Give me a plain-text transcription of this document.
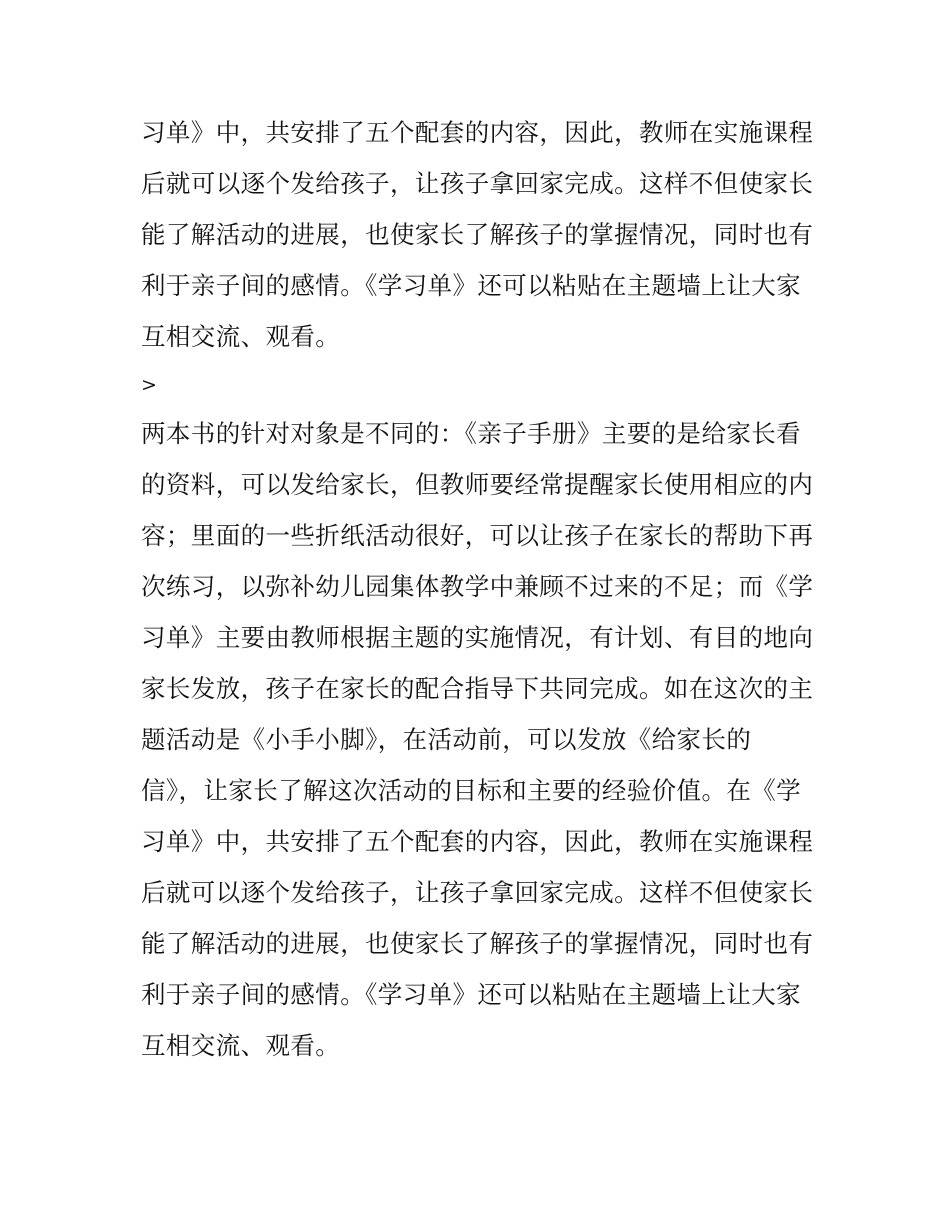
习单》中，共安排了五个配套的内容，因此，教师在实施课程
后就可以逐个发给孩子，让孩子拿回家完成。这样不但使家长
能了解活动的进展，也使家长了解孩子的掌握情况，同时也有
利于亲子间的感情。《学习单》还可以粘贴在主题墙上让大家
互相交流、观看。
>
两本书的针对对象是不同的：《亲子手册》主要的是给家长看
的资料，可以发给家长，但教师要经常提醒家长使用相应的内
容；里面的一些折纸活动很好，可以让孩子在家长的帮助下再
次练习，以弥补幼儿园集体教学中兼顾不过来的不足；而《学
习单》主要由教师根据主题的实施情况，有计划、有目的地向
家长发放，孩子在家长的配合指导下共同完成。如在这次的主
题活动是《小手小脚》，在活动前，可以发放《给家长的
信》，让家长了解这次活动的目标和主要的经验价值。在《学
习单》中，共安排了五个配套的内容，因此，教师在实施课程
后就可以逐个发给孩子，让孩子拿回家完成。这样不但使家长
能了解活动的进展，也使家长了解孩子的掌握情况，同时也有
利于亲子间的感情。《学习单》还可以粘贴在主题墙上让大家
互相交流、观看。
